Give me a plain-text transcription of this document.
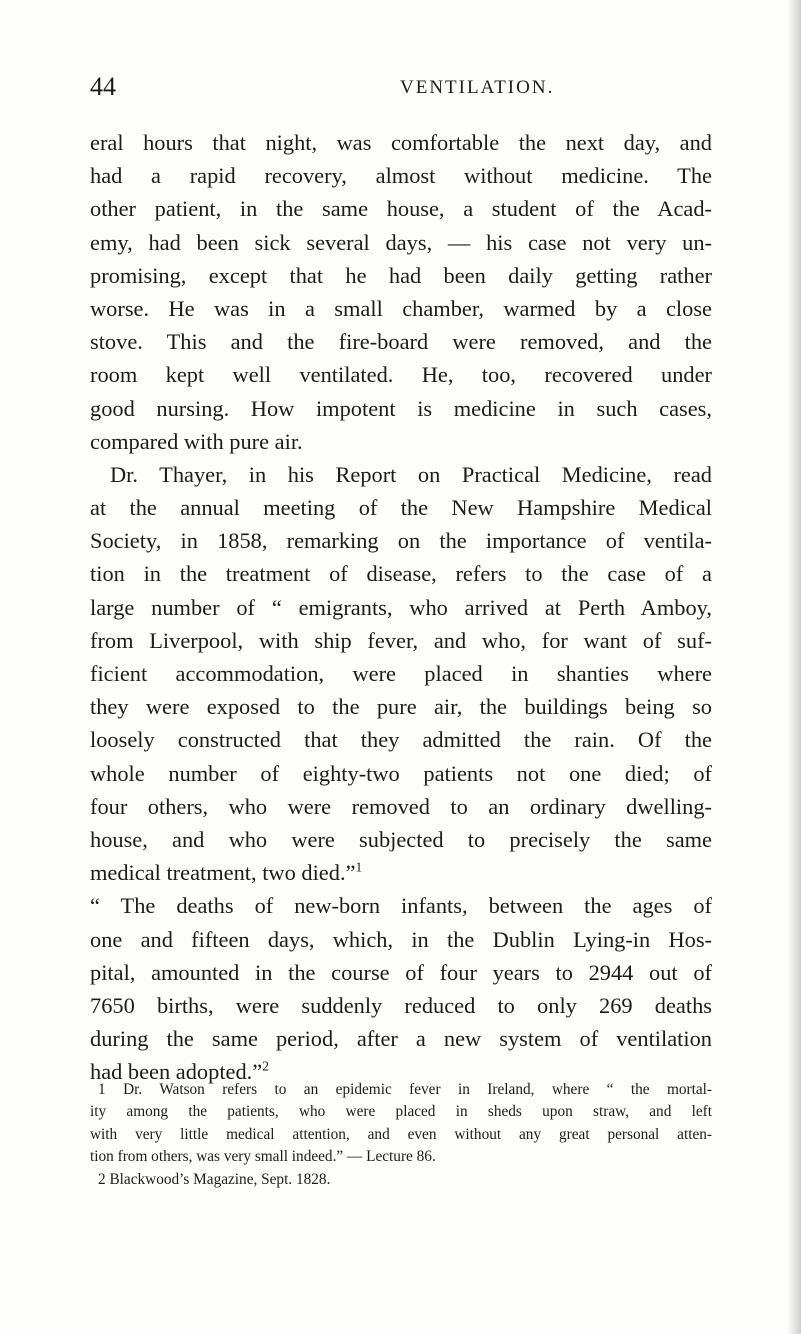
44	VENTILATION.
eral hours that night, was comfortable the next day, and
had a rapid recovery, almost without medicine. The
other patient, in the same house, a student of the Acad-
emy, had been sick several days, — his case not very un-
promising, except that he had been daily getting rather
worse. He was in a small chamber, warmed by a close
stove. This and the fire-board were removed, and the
room kept well ventilated. He, too, recovered under
good nursing. How impotent is medicine in such cases,
compared with pure air.
Dr. Thayer, in his Report on Practical Medicine, read
at the annual meeting of the New Hampshire Medical
Society, in 1858, remarking on the importance of ventila-
tion in the treatment of disease, refers to the case of a
large number of “ emigrants, who arrived at Perth Amboy,
from Liverpool, with ship fever, and who, for want of suf-
ficient accommodation, were placed in shanties where
they were exposed to the pure air, the buildings being so
loosely constructed that they admitted the rain. Of the
whole number of eighty-two patients not one died; of
four others, who were removed to an ordinary dwelling-
house, and who were subjected to precisely the same
medical treatment, two died.”$^1$
“ The deaths of new-born infants, between the ages of
one and fifteen days, which, in the Dublin Lying-in Hos-
pital, amounted in the course of four years to 2944 out of
7650 births, were suddenly reduced to only 269 deaths
during the same period, after a new system of ventilation
had been adopted.”$^2$
1 Dr. Watson refers to an epidemic fever in Ireland, where “ the mortal-
ity among the patients, who were placed in sheds upon straw, and left
with very little medical attention, and even without any great personal atten-
tion from others, was very small indeed.” — Lecture 86.
2 Blackwood’s Magazine, Sept. 1828.
